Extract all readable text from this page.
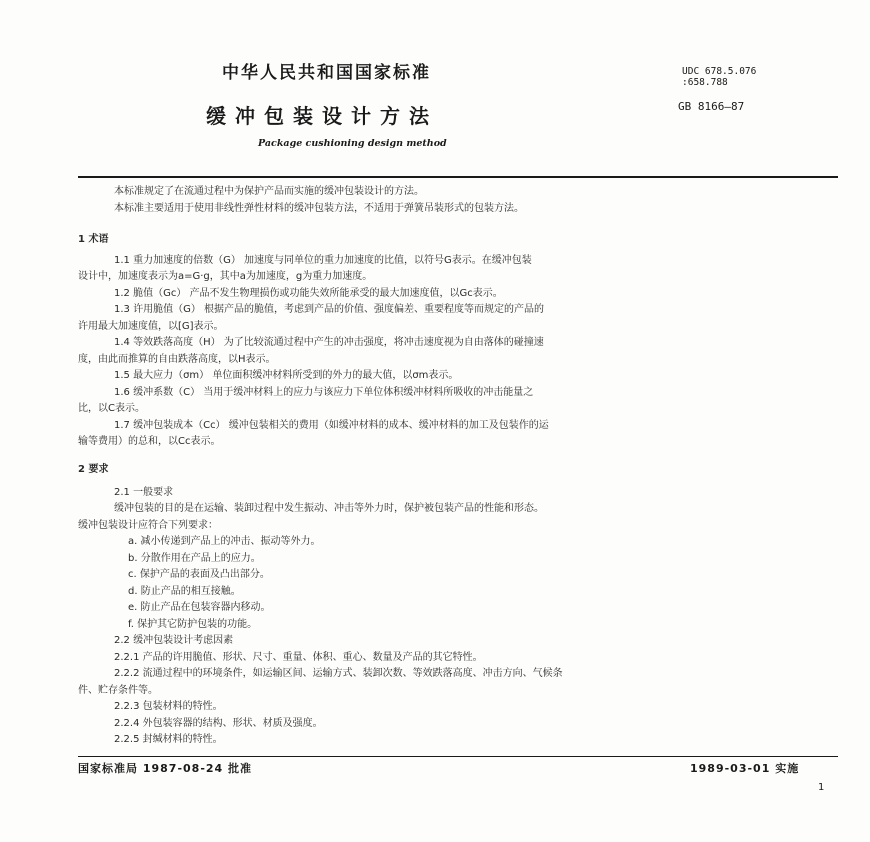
中华人民共和国国家标准
缓冲包装设计方法
Package cushioning design method
UDC 678.5.076 :658.788
GB 8166—87
本标准规定了在流通过程中为保护产品而实施的缓冲包装设计的方法。
本标准主要适用于使用非线性弹性材料的缓冲包装方法，不适用于弹簧吊装形式的包装方法。
1 术语
1.1 重力加速度的倍数（G） 加速度与同单位的重力加速度的比值，以符号G表示。在缓冲包装
设计中，加速度表示为a=G·g，其中a为加速度，g为重力加速度。
1.2 脆值（Gc） 产品不发生物理损伤或功能失效所能承受的最大加速度值，以Gc表示。
1.3 许用脆值（G） 根据产品的脆值，考虑到产品的价值、强度偏差、重要程度等而规定的产品的
许用最大加速度值，以[G]表示。
1.4 等效跌落高度（H） 为了比较流通过程中产生的冲击强度，将冲击速度视为自由落体的碰撞速
度，由此而推算的自由跌落高度，以H表示。
1.5 最大应力（σm） 单位面积缓冲材料所受到的外力的最大值，以σm表示。
1.6 缓冲系数（C） 当用于缓冲材料上的应力与该应力下单位体积缓冲材料所吸收的冲击能量之
比，以C表示。
1.7 缓冲包装成本（Cc） 缓冲包装相关的费用（如缓冲材料的成本、缓冲材料的加工及包装作的运
输等费用）的总和，以Cc表示。
2 要求
2.1 一般要求
缓冲包装的目的是在运输、装卸过程中发生振动、冲击等外力时，保护被包装产品的性能和形态。
缓冲包装设计应符合下列要求：
a. 减小传递到产品上的冲击、振动等外力。
b. 分散作用在产品上的应力。
c. 保护产品的表面及凸出部分。
d. 防止产品的相互接触。
e. 防止产品在包装容器内移动。
f. 保护其它防护包装的功能。
2.2 缓冲包装设计考虑因素
2.2.1 产品的许用脆值、形状、尺寸、重量、体积、重心、数量及产品的其它特性。
2.2.2 流通过程中的环境条件，如运输区间、运输方式、装卸次数、等效跌落高度、冲击方向、气候条
件、贮存条件等。
2.2.3 包装材料的特性。
2.2.4 外包装容器的结构、形状、材质及强度。
2.2.5 封缄材料的特性。
国家标准局 1987-08-24 批准	1989-03-01 实施
1
